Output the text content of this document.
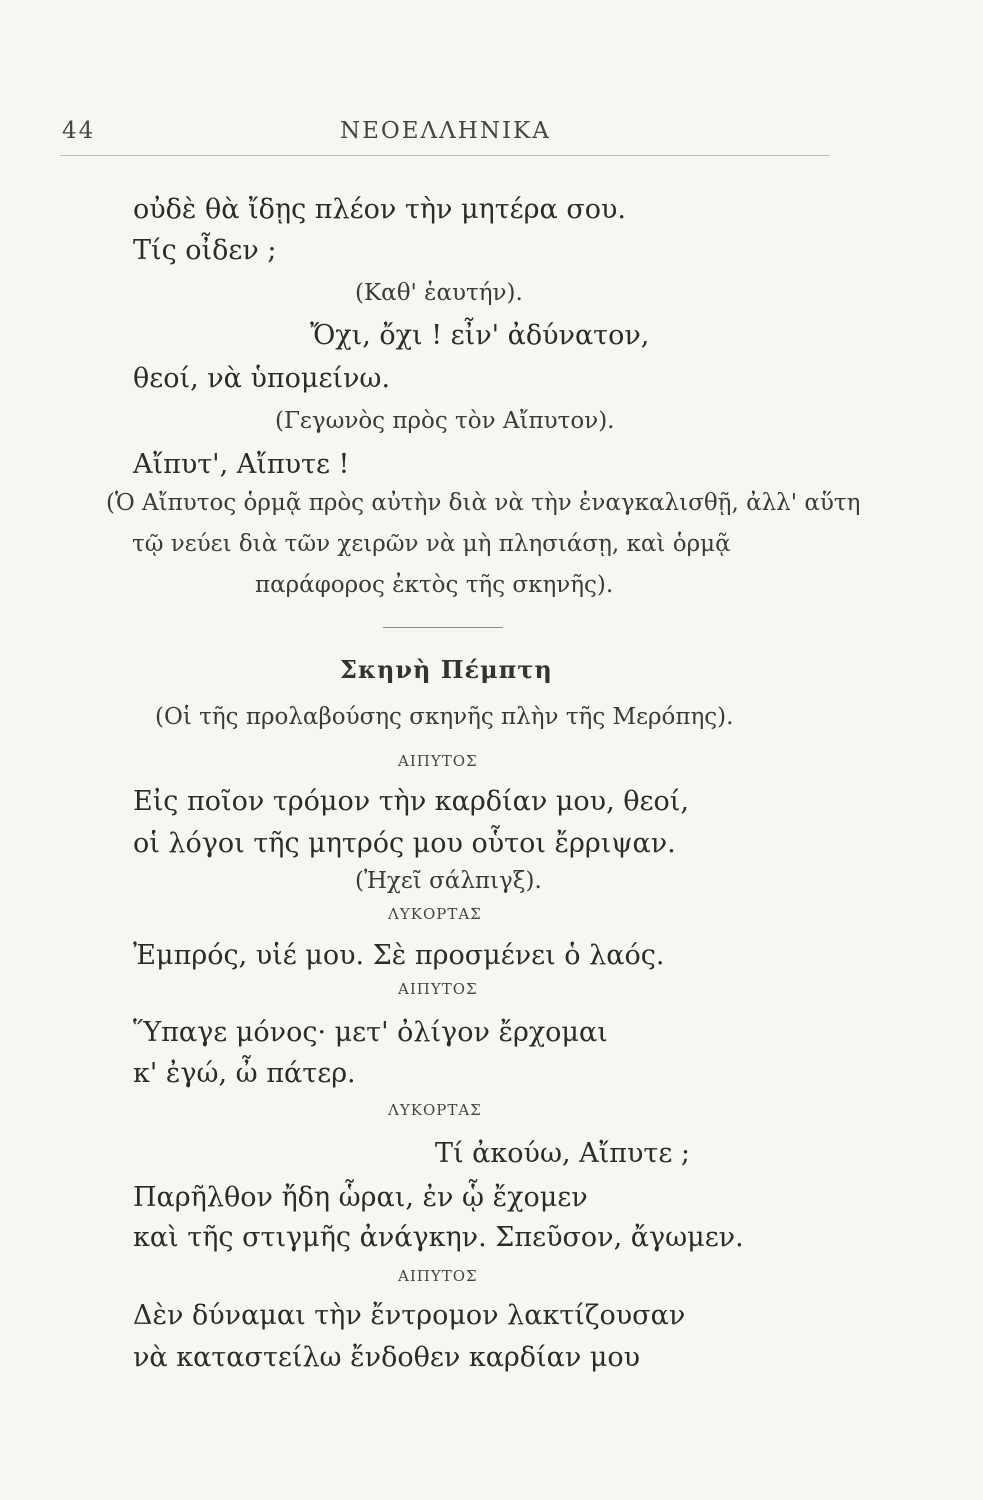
44	ΝΕΟΕΛΛΗΝΙΚΑ
οὐδὲ θὰ ἴδῃς πλέον τὴν μητέρα σου.
Τίς οἶδεν ;
(Καθ' ἑαυτήν).
Ὄχι, ὄχι ! εἶν' ἀδύνατον,
θεοί, νὰ ὑπομείνω.
(Γεγωνὸς πρὸς τὸν Αἴπυτον).
Αἴπυτ', Αἴπυτε !
(Ὁ Αἴπυτος ὁρμᾷ πρὸς αὐτὴν διὰ νὰ τὴν ἐναγκαλισθῇ, ἀλλ' αὕτη
τῷ νεύει διὰ τῶν χειρῶν νὰ μὴ πλησιάσῃ, καὶ ὁρμᾷ
παράφορος ἐκτὸς τῆς σκηνῆς).
Σκηνὴ Πέμπτη
(Οἱ τῆς προλαβούσης σκηνῆς πλὴν τῆς Μερόπης).
ΑΙΠΥΤΟΣ
Εἰς ποῖον τρόμον τὴν καρδίαν μου, θεοί,
οἱ λόγοι τῆς μητρός μου οὗτοι ἔρριψαν.
(Ἠχεῖ σάλπιγξ).
ΛΥΚΟΡΤΑΣ
Ἐμπρός, υἱέ μου. Σὲ προσμένει ὁ λαός.
ΑΙΠΥΤΟΣ
Ὕπαγε μόνος· μετ' ὀλίγον ἔρχομαι
κ' ἐγώ, ὦ πάτερ.
ΛΥΚΟΡΤΑΣ
Τί ἀκούω, Αἴπυτε ;
Παρῆλθον ἤδη ὧραι, ἐν ᾧ ἔχομεν
καὶ τῆς στιγμῆς ἀνάγκην. Σπεῦσον, ἄγωμεν.
ΑΙΠΥΤΟΣ
Δὲν δύναμαι τὴν ἔντρομον λακτίζουσαν
νὰ καταστείλω ἔνδοθεν καρδίαν μου
